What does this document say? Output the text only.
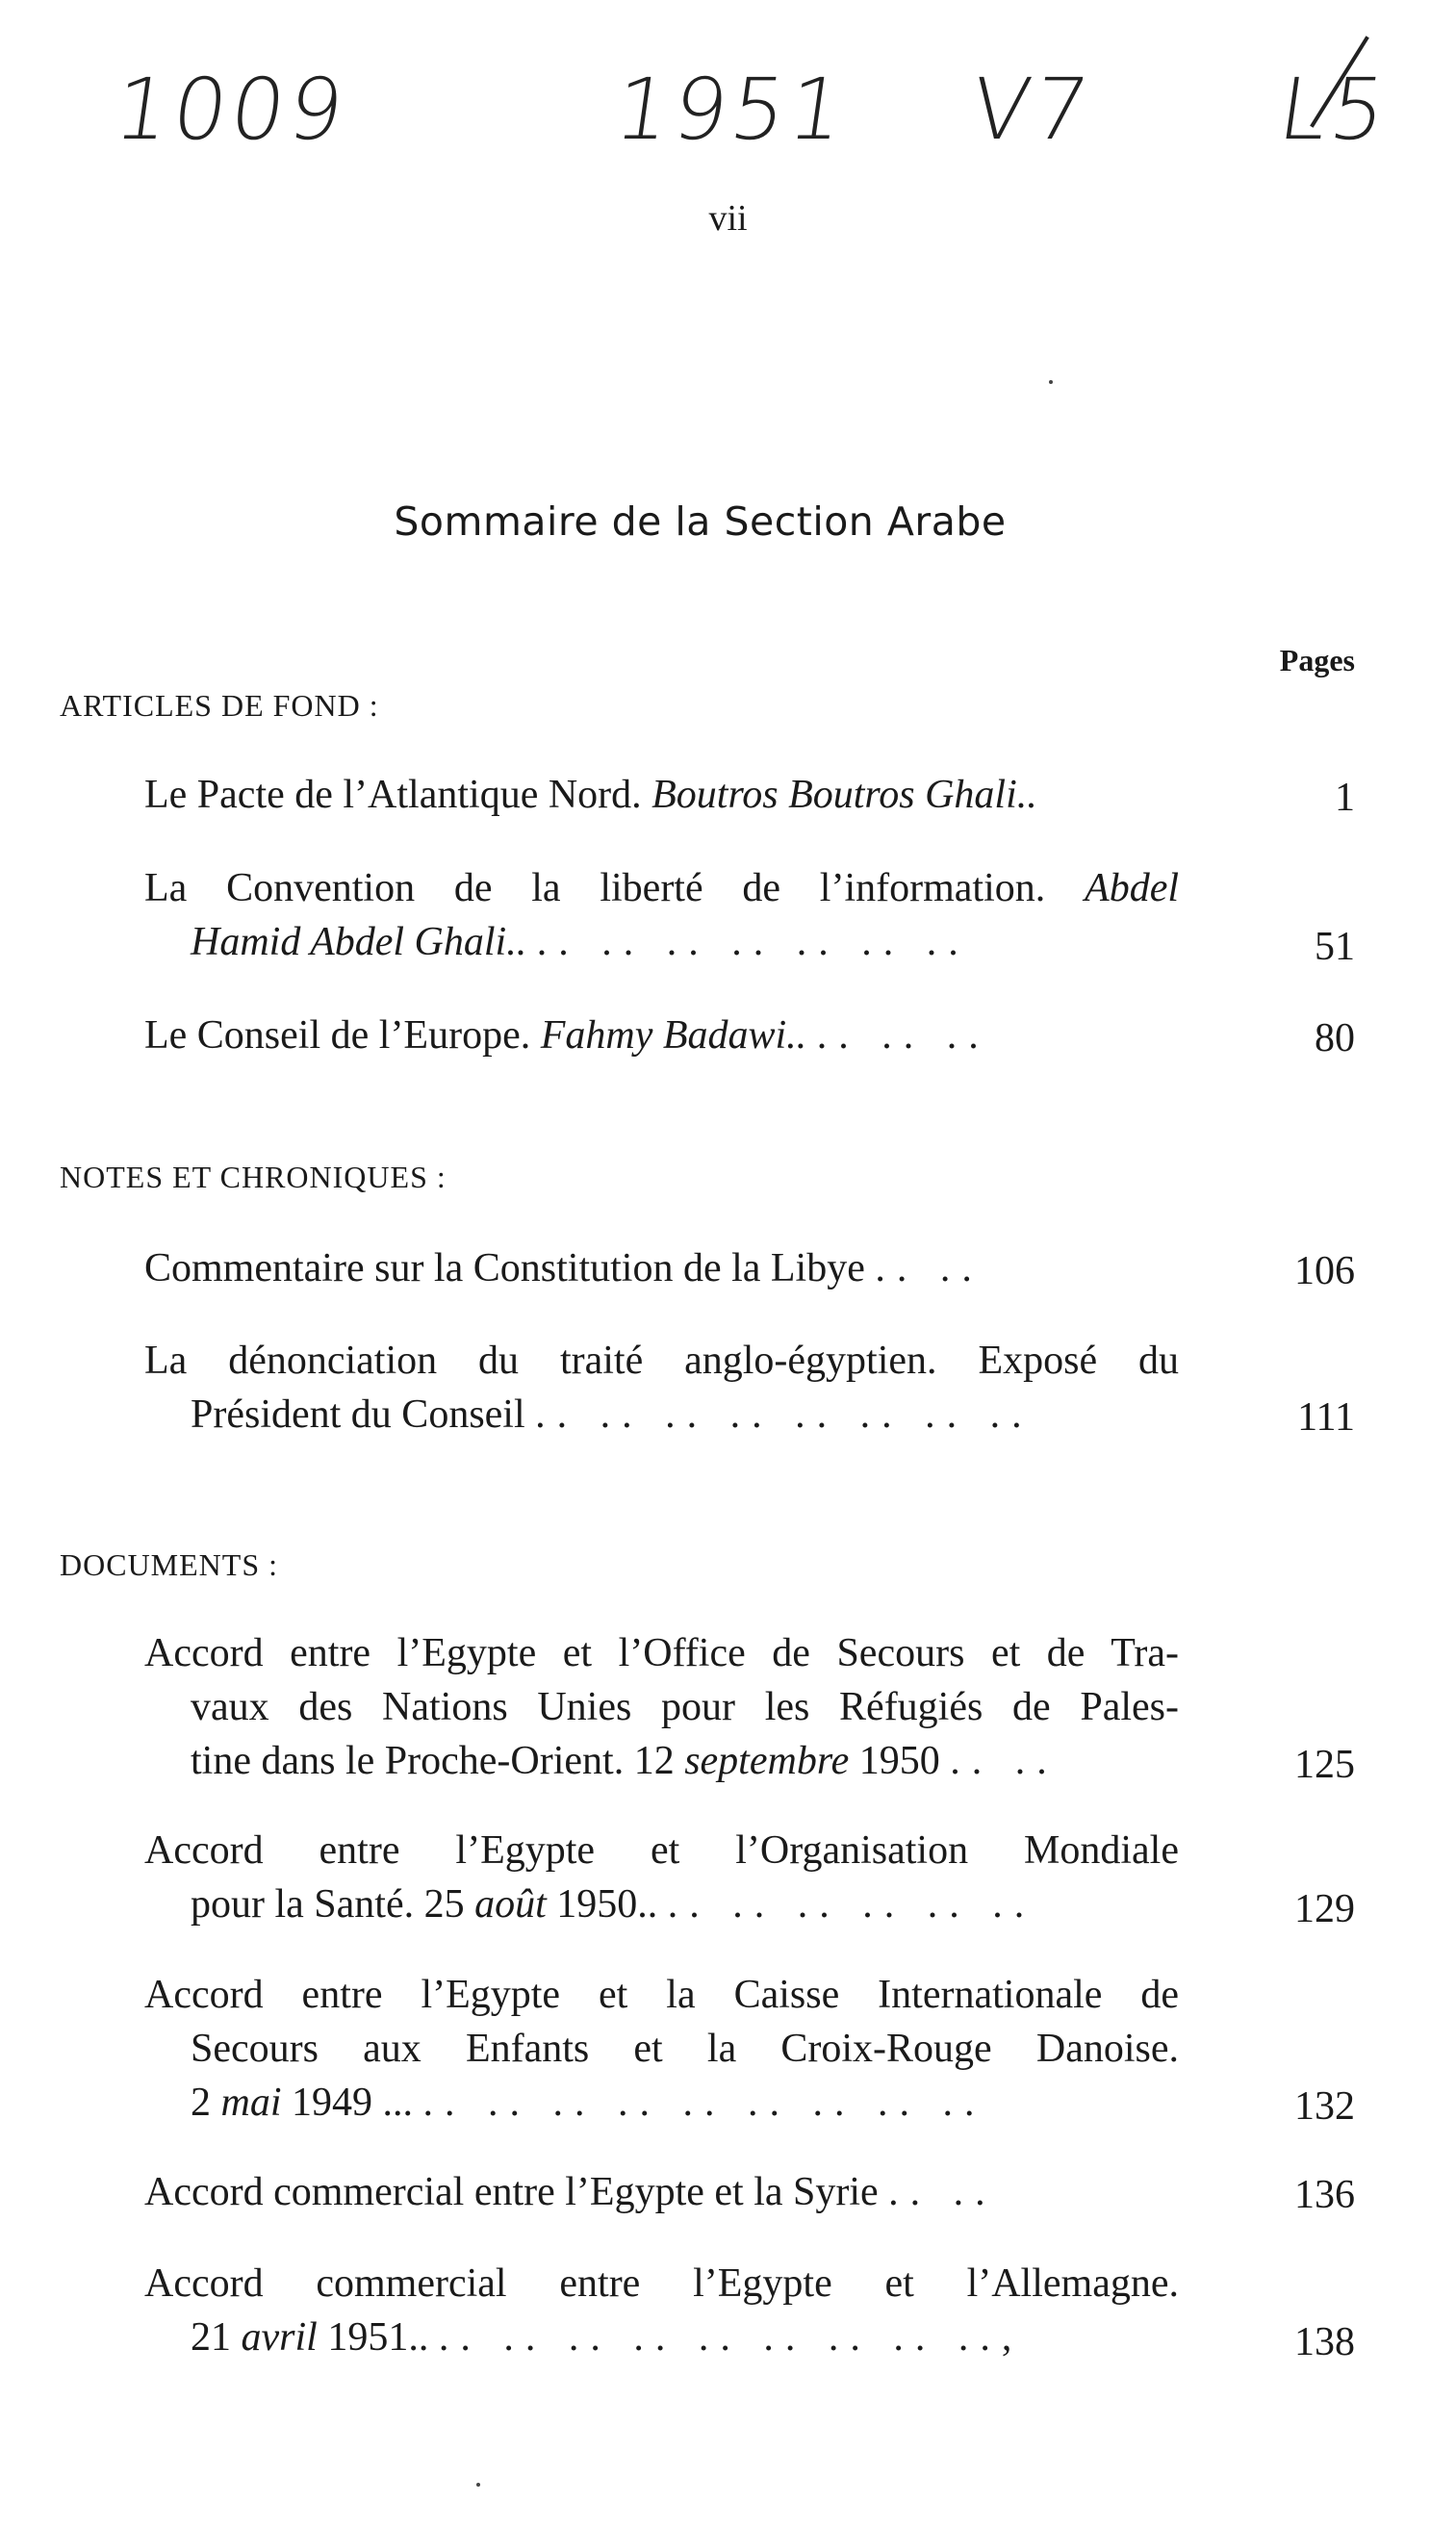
1009	1951 V7 L5
vii
Sommaire de la Section Arabe
Pages
ARTICLES DE FOND :
Le Pacte de l’Atlantique Nord. Boutros Boutros Ghali..	1
La Convention de la liberté de l’information. Abdel
Hamid Abdel Ghali.. .. .. .. .. .. .. ..	51
Le Conseil de l’Europe. Fahmy Badawi.. .. .. ..	80
NOTES ET CHRONIQUES :
Commentaire sur la Constitution de la Libye .. ..	106
La dénonciation du traité anglo-égyptien. Exposé du
Président du Conseil .. .. .. .. .. .. .. ..	111
DOCUMENTS :
Accord entre l’Egypte et l’Office de Secours et de Tra-
vaux des Nations Unies pour les Réfugiés de Pales-
tine dans le Proche-Orient. 12 septembre 1950 .. ..	125
Accord entre l’Egypte et l’Organisation Mondiale
pour la Santé. 25 août 1950.. .. .. .. .. .. ..	129
Accord entre l’Egypte et la Caisse Internationale de
Secours aux Enfants et la Croix-Rouge Danoise.
2 mai 1949 ... .. .. .. .. .. .. .. .. ..	132
Accord commercial entre l’Egypte et la Syrie .. ..	136
Accord commercial entre l’Egypte et l’Allemagne.
21 avril 1951.. .. .. .. .. .. .. .. .. ..,	138
